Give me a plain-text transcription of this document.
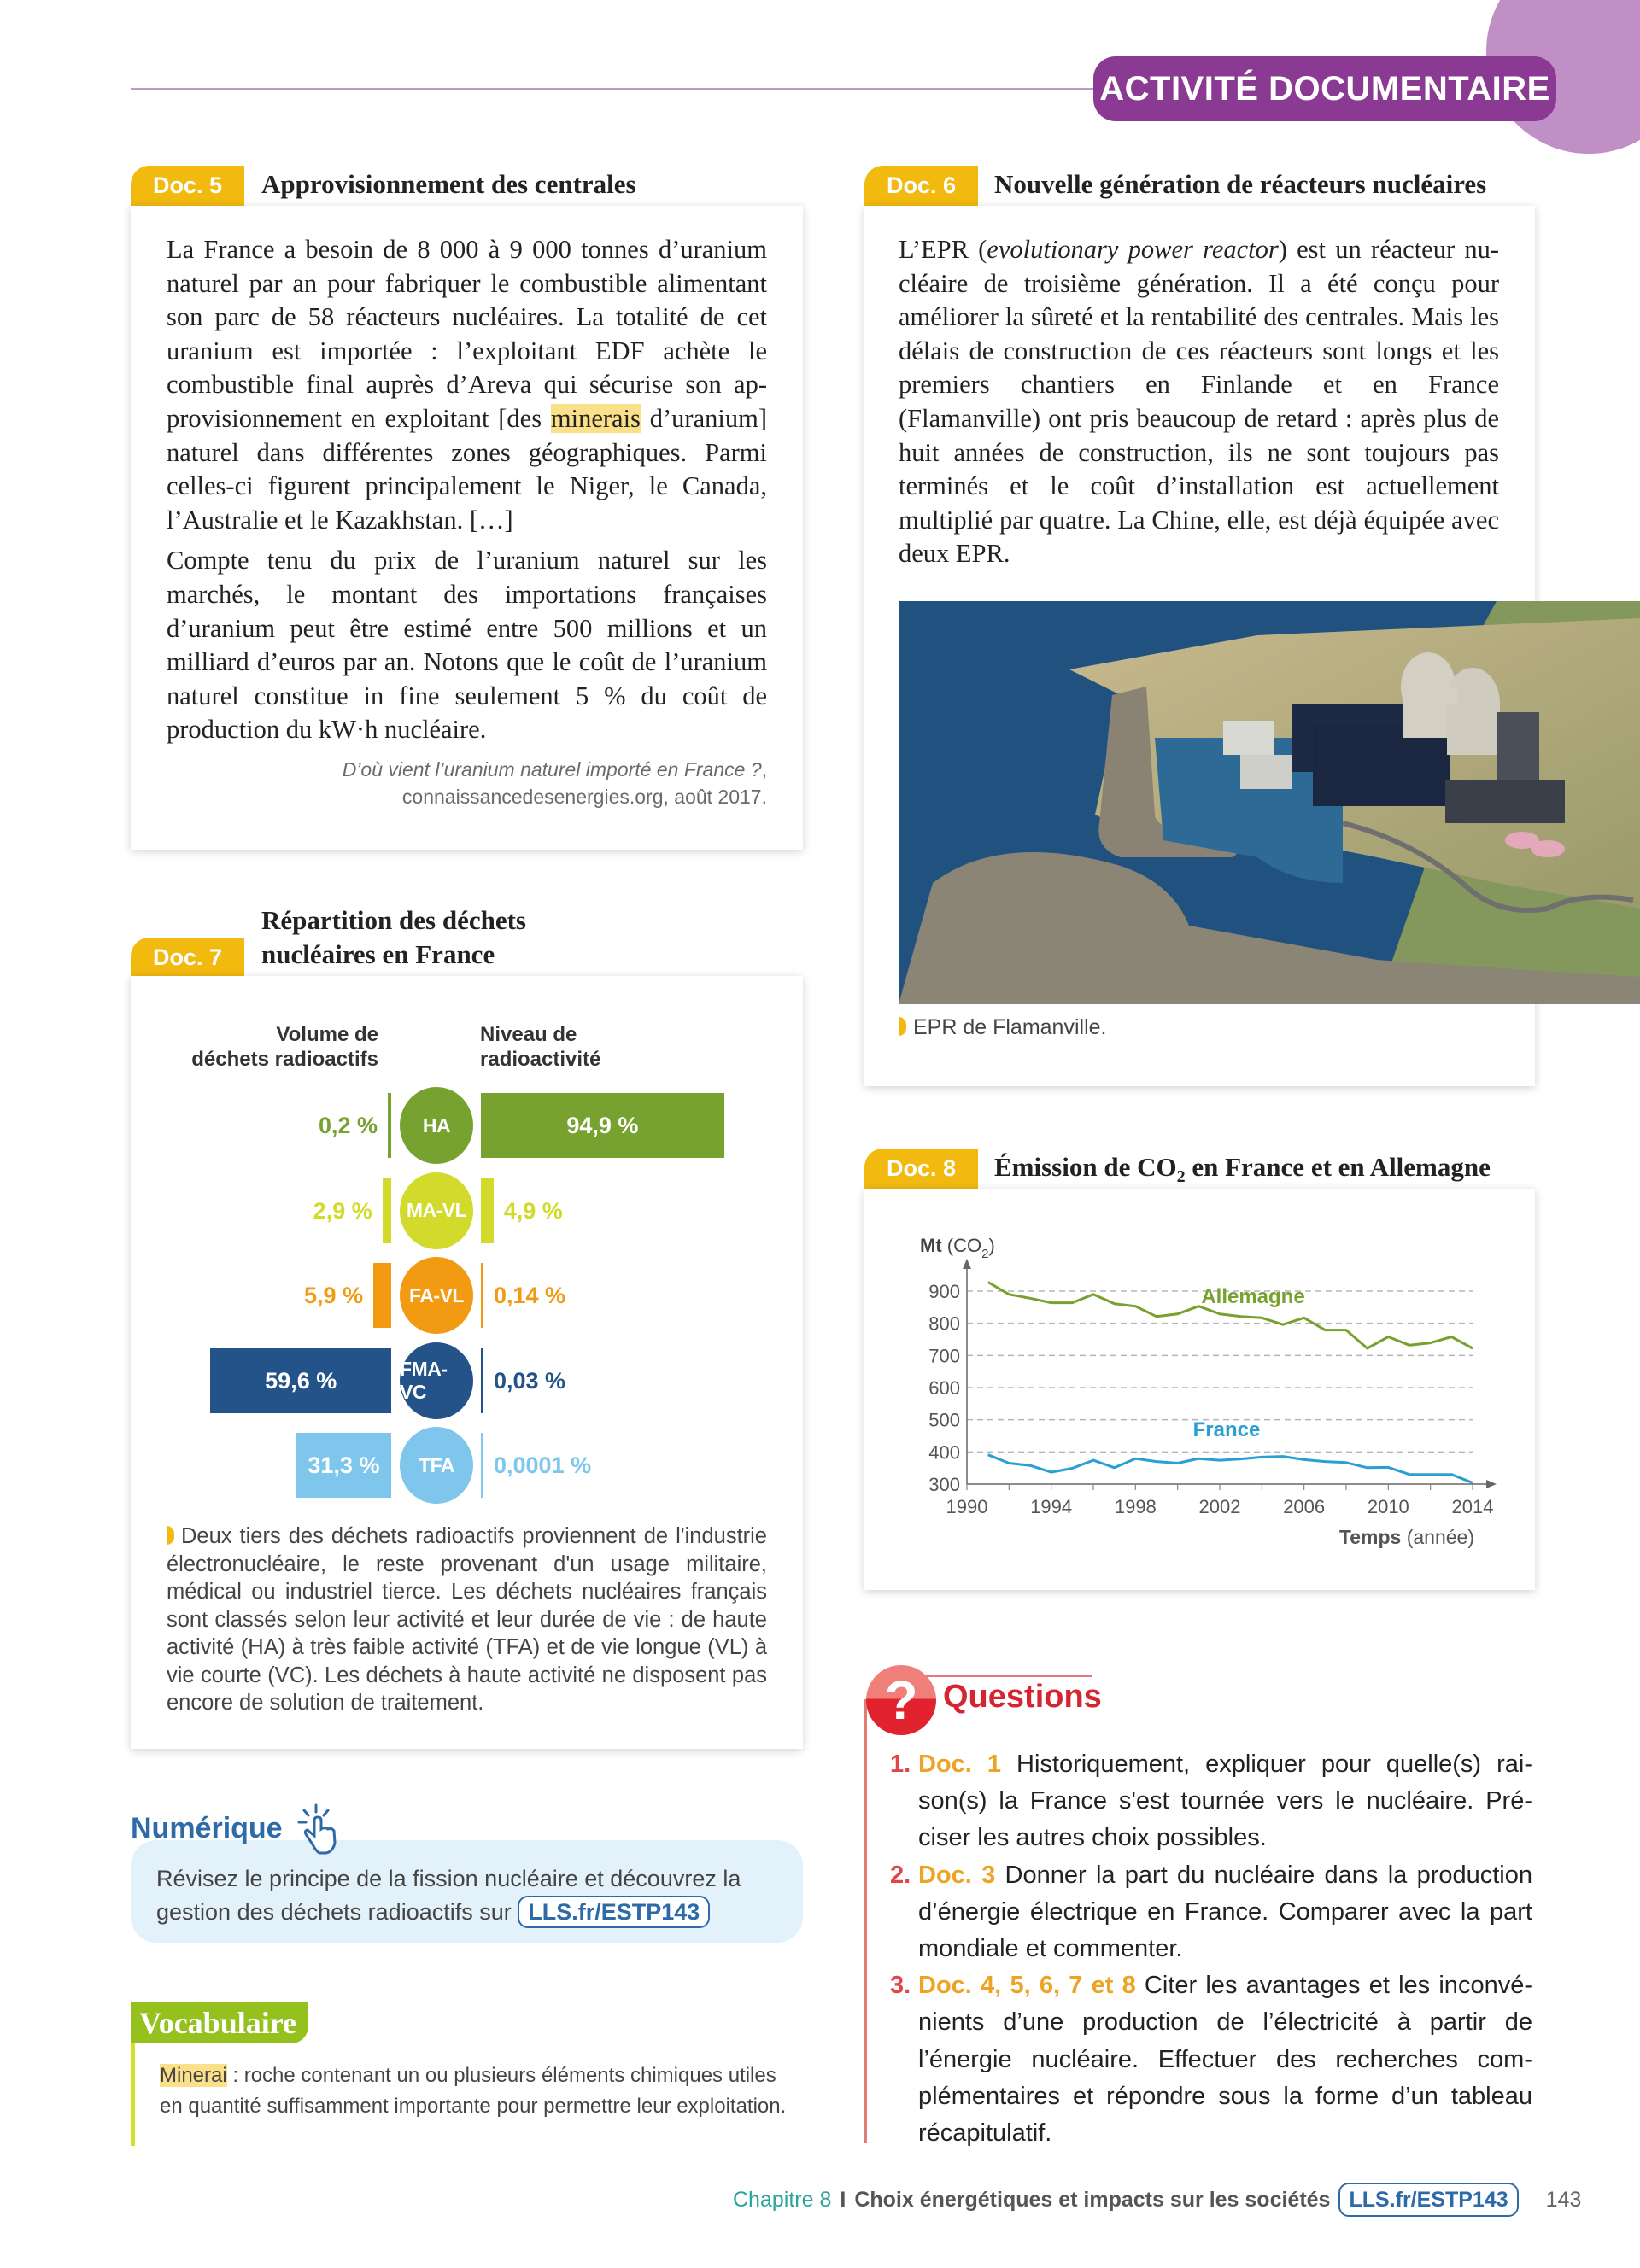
ACTIVITÉ DOCUMENTAIRE
Doc. 5	Approvisionnement des centrales

La France a besoin de 8 000 à 9 000 tonnes d’uranium naturel par an pour fabriquer le combustible alimentant son parc de 58 réacteurs nucléaires. La totalité de cet uranium est importée : l’exploitant EDF achète le combustible final auprès d’Areva qui sécurise son approvisionnement en exploitant [des minerais d’uranium] naturel dans différentes zones géographiques. Parmi celles-ci figurent principalement le Niger, le Canada, l’Australie et le Kazakhstan. […]

Compte tenu du prix de l’uranium naturel sur les marchés, le montant des importations françaises d’uranium peut être estimé entre 500 millions et un milliard d’euros par an. Notons que le coût de l’uranium naturel constitue in fine seulement 5 % du coût de production du kW·h nucléaire.

D’où vient l’uranium naturel importé en France ?, connaissancedesenergies.org, août 2017.

Doc. 6	Nouvelle génération de réacteurs nucléaires

L’EPR (evolutionary power reactor) est un réacteur nucléaire de troisième génération. Il a été conçu pour améliorer la sûreté et la rentabilité des centrales. Mais les délais de construction de ces réacteurs sont longs et les premiers chantiers en Finlande et en France (Flamanville) ont pris beaucoup de retard : après plus de huit années de construction, ils ne sont toujours pas terminés et le coût d’installation est actuellement multiplié par quatre. La Chine, elle, est déjà équipée avec deux EPR.

EPR de Flamanville.
Répartition des déchets
nucléaires en France
Doc. 7
Volume de
déchets radioactifs
Niveau de
radioactivité
0,2 %	HA	94,9 %
2,9 %	MA-VL 4,9 %
5,9 %	FA-VL	0,14 %
59,6 %	FMA-VC	0,03 %
31,3 %	TFA	0,0001 %
Deux tiers des déchets radioactifs proviennent de l'industrie électronucléaire, le reste provenant d'un usage militaire, médical ou industriel tierce. Les déchets nucléaires français sont classés selon leur activité et leur durée de vie : de haute activité (HA) à très faible activité (TFA) et de vie longue (VL) à vie courte (VC). Les déchets à haute activité ne disposent pas encore de solution de traitement.
Doc. 8	Émission de $CO_2$ en France et en Allemagne
Mt $(CO_2)$
300
400
500
600
700
800
900
1990 1994 1998 2002 2006 2010 2014
Temps (année)
Allemagne
France
? Questions
1. Doc. 1 Historiquement, expliquer pour quelle(s) raison(s) la France s'est tournée vers le nucléaire. Préciser les autres choix possibles.
2. Doc. 3 Donner la part du nucléaire dans la production d’énergie électrique en France. Comparer avec la part mondiale et commenter.
3. Doc. 4, 5, 6, 7 et 8 Citer les avantages et les inconvénients d’une production de l’électricité à partir de l’énergie nucléaire. Effectuer des recherches complémentaires et répondre sous la forme d’un tableau récapitulatif.

Révisez le principe de la fission nucléaire et découvrez la gestion des déchets radioactifs sur LLS.fr/ESTP143

Numérique
Vocabulaire
Minerai : roche contenant un ou plusieurs éléments chimiques utiles en quantité suffisamment importante pour permettre leur exploitation.
Chapitre 8 I Choix énergétiques et impacts sur les sociétés LLS.fr/ESTP143	143
